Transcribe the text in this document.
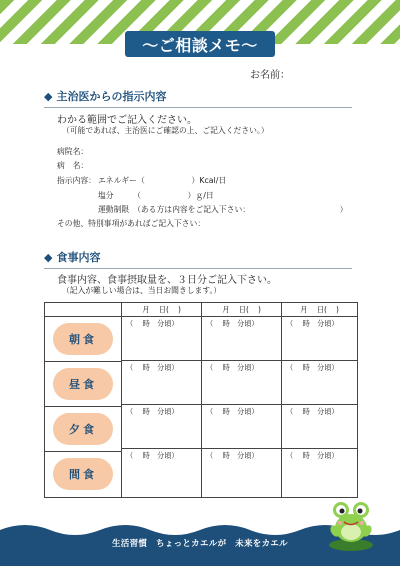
～ご相談メモ～
お名前：
◆ 主治医からの指示内容
わかる範囲でご記入ください。
（可能であれば、主治医にご確認の上、ご記入ください。）
病院名：
病　名：
指示内容： エネルギー（　　　　　　）Kcal/日
塩分　　　（　　　　　　）ｇ/日
運動制限　（ある方は内容をご記入下さい：　　　　　　　　　　　　）
その他、特別事項があればご記入下さい：
◆ 食事内容
食事内容、食事摂取量を、３日分ご記入下さい。
（記入が難しい場合は、当日お聞きします。）
朝食
昼食
夕食
間食
月 日( )
（　 時　分頃）
（　 時　分頃）
（　 時　分頃）
（　 時　分頃）
月 日( )
（　 時　分頃）
（　 時　分頃）
（　 時　分頃）
（　 時　分頃）
月 日( )
（　 時　分頃）
（　 時　分頃）
（　 時　分頃）
（　 時　分頃）
生活習慣　ちょっとカエルが　未来をカエル
